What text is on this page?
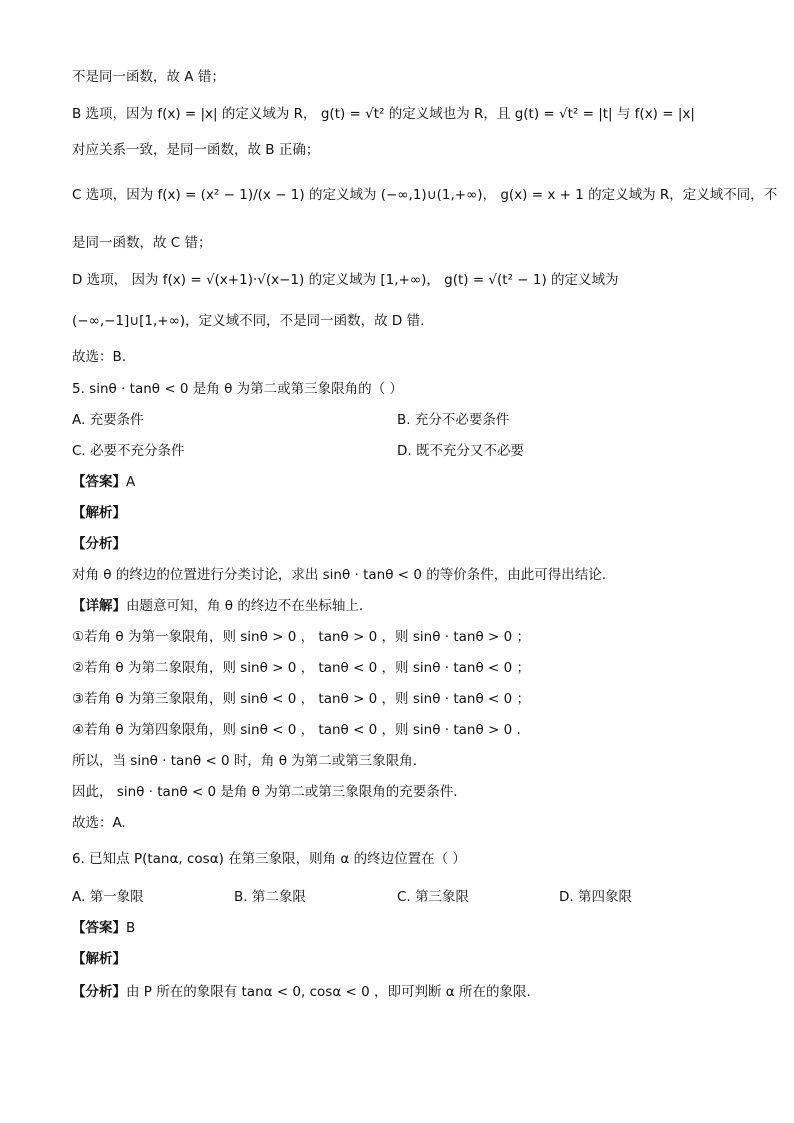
不是同一函数，故 A 错；
B 选项，因为 f(x) = |x| 的定义域为 R， g(t) = √t² 的定义域也为 R，且 g(t) = √t² = |t| 与 f(x) = |x|
对应关系一致，是同一函数，故 B 正确；
C 选项，因为 f(x) = (x² − 1)/(x − 1) 的定义域为 (−∞,1)∪(1,+∞)， g(x) = x + 1 的定义域为 R，定义域不同，不
是同一函数，故 C 错；
D 选项， 因为 f(x) = √(x+1)·√(x−1) 的定义域为 [1,+∞)， g(t) = √(t² − 1) 的定义域为
(−∞,−1]∪[1,+∞)，定义域不同，不是同一函数，故 D 错.
故选：B.
5. sinθ · tanθ < 0 是角 θ 为第二或第三象限角的（ ）
A. 充要条件	B. 充分不必要条件
C. 必要不充分条件	D. 既不充分又不必要
【答案】A
【解析】
【分析】
对角 θ 的终边的位置进行分类讨论，求出 sinθ · tanθ < 0 的等价条件，由此可得出结论.
【详解】由题意可知，角 θ 的终边不在坐标轴上.
①若角 θ 为第一象限角，则 sinθ > 0 ， tanθ > 0 ，则 sinθ · tanθ > 0 ；
②若角 θ 为第二象限角，则 sinθ > 0 ， tanθ < 0 ，则 sinθ · tanθ < 0 ；
③若角 θ 为第三象限角，则 sinθ < 0 ， tanθ > 0 ，则 sinθ · tanθ < 0 ；
④若角 θ 为第四象限角，则 sinθ < 0 ， tanθ < 0 ，则 sinθ · tanθ > 0 .
所以，当 sinθ · tanθ < 0 时，角 θ 为第二或第三象限角.
因此， sinθ · tanθ < 0 是角 θ 为第二或第三象限角的充要条件.
故选：A.
6. 已知点 P(tanα, cosα) 在第三象限，则角 α 的终边位置在（ ）
A. 第一象限	B. 第二象限	C. 第三象限	D. 第四象限
【答案】B
【解析】
【分析】由 P 所在的象限有 tanα < 0, cosα < 0 ，即可判断 α 所在的象限.
